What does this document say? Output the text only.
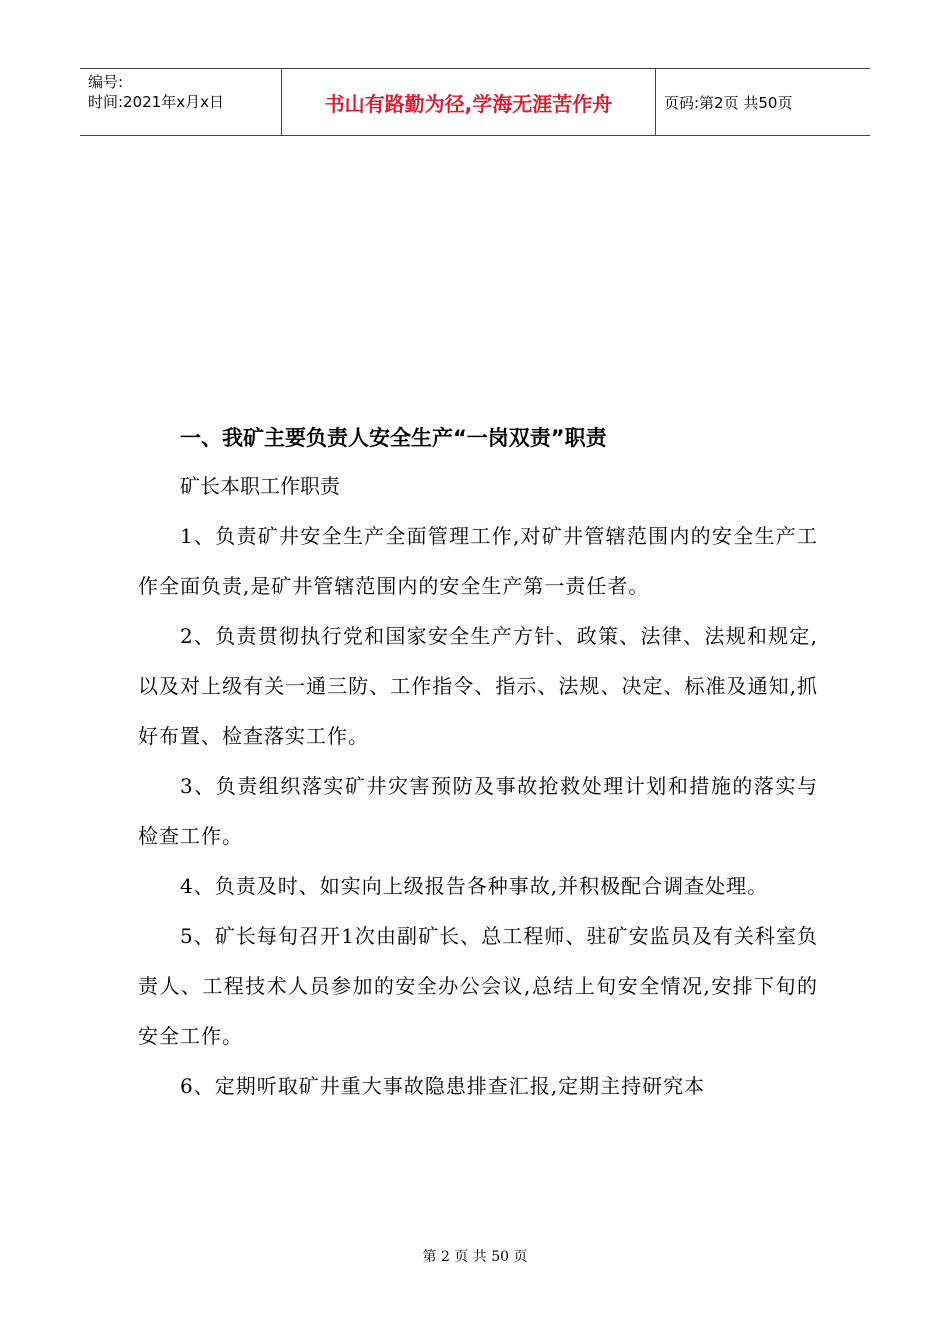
编号:
时间:2021年x月x日	书山有路勤为径,学海无涯苦作舟	页码:第2页 共50页
一、我矿主要负责人安全生产“一岗双责”职责
矿长本职工作职责

1、负责矿井安全生产全面管理工作,对矿井管辖范围内的安全生产工作全面负责,是矿井管辖范围内的安全生产第一责任者。

2、负责贯彻执行党和国家安全生产方针、政策、法律、法规和规定,以及对上级有关一通三防、工作指令、指示、法规、决定、标准及通知,抓好布置、检查落实工作。

3、负责组织落实矿井灾害预防及事故抢救处理计划和措施的落实与检查工作。

4、负责及时、如实向上级报告各种事故,并积极配合调查处理。

5、矿长每旬召开1次由副矿长、总工程师、驻矿安监员及有关科室负责人、工程技术人员参加的安全办公会议,总结上旬安全情况,安排下旬的安全工作。

6、定期听取矿井重大事故隐患排查汇报,定期主持研究本

第 2 页 共 50 页
